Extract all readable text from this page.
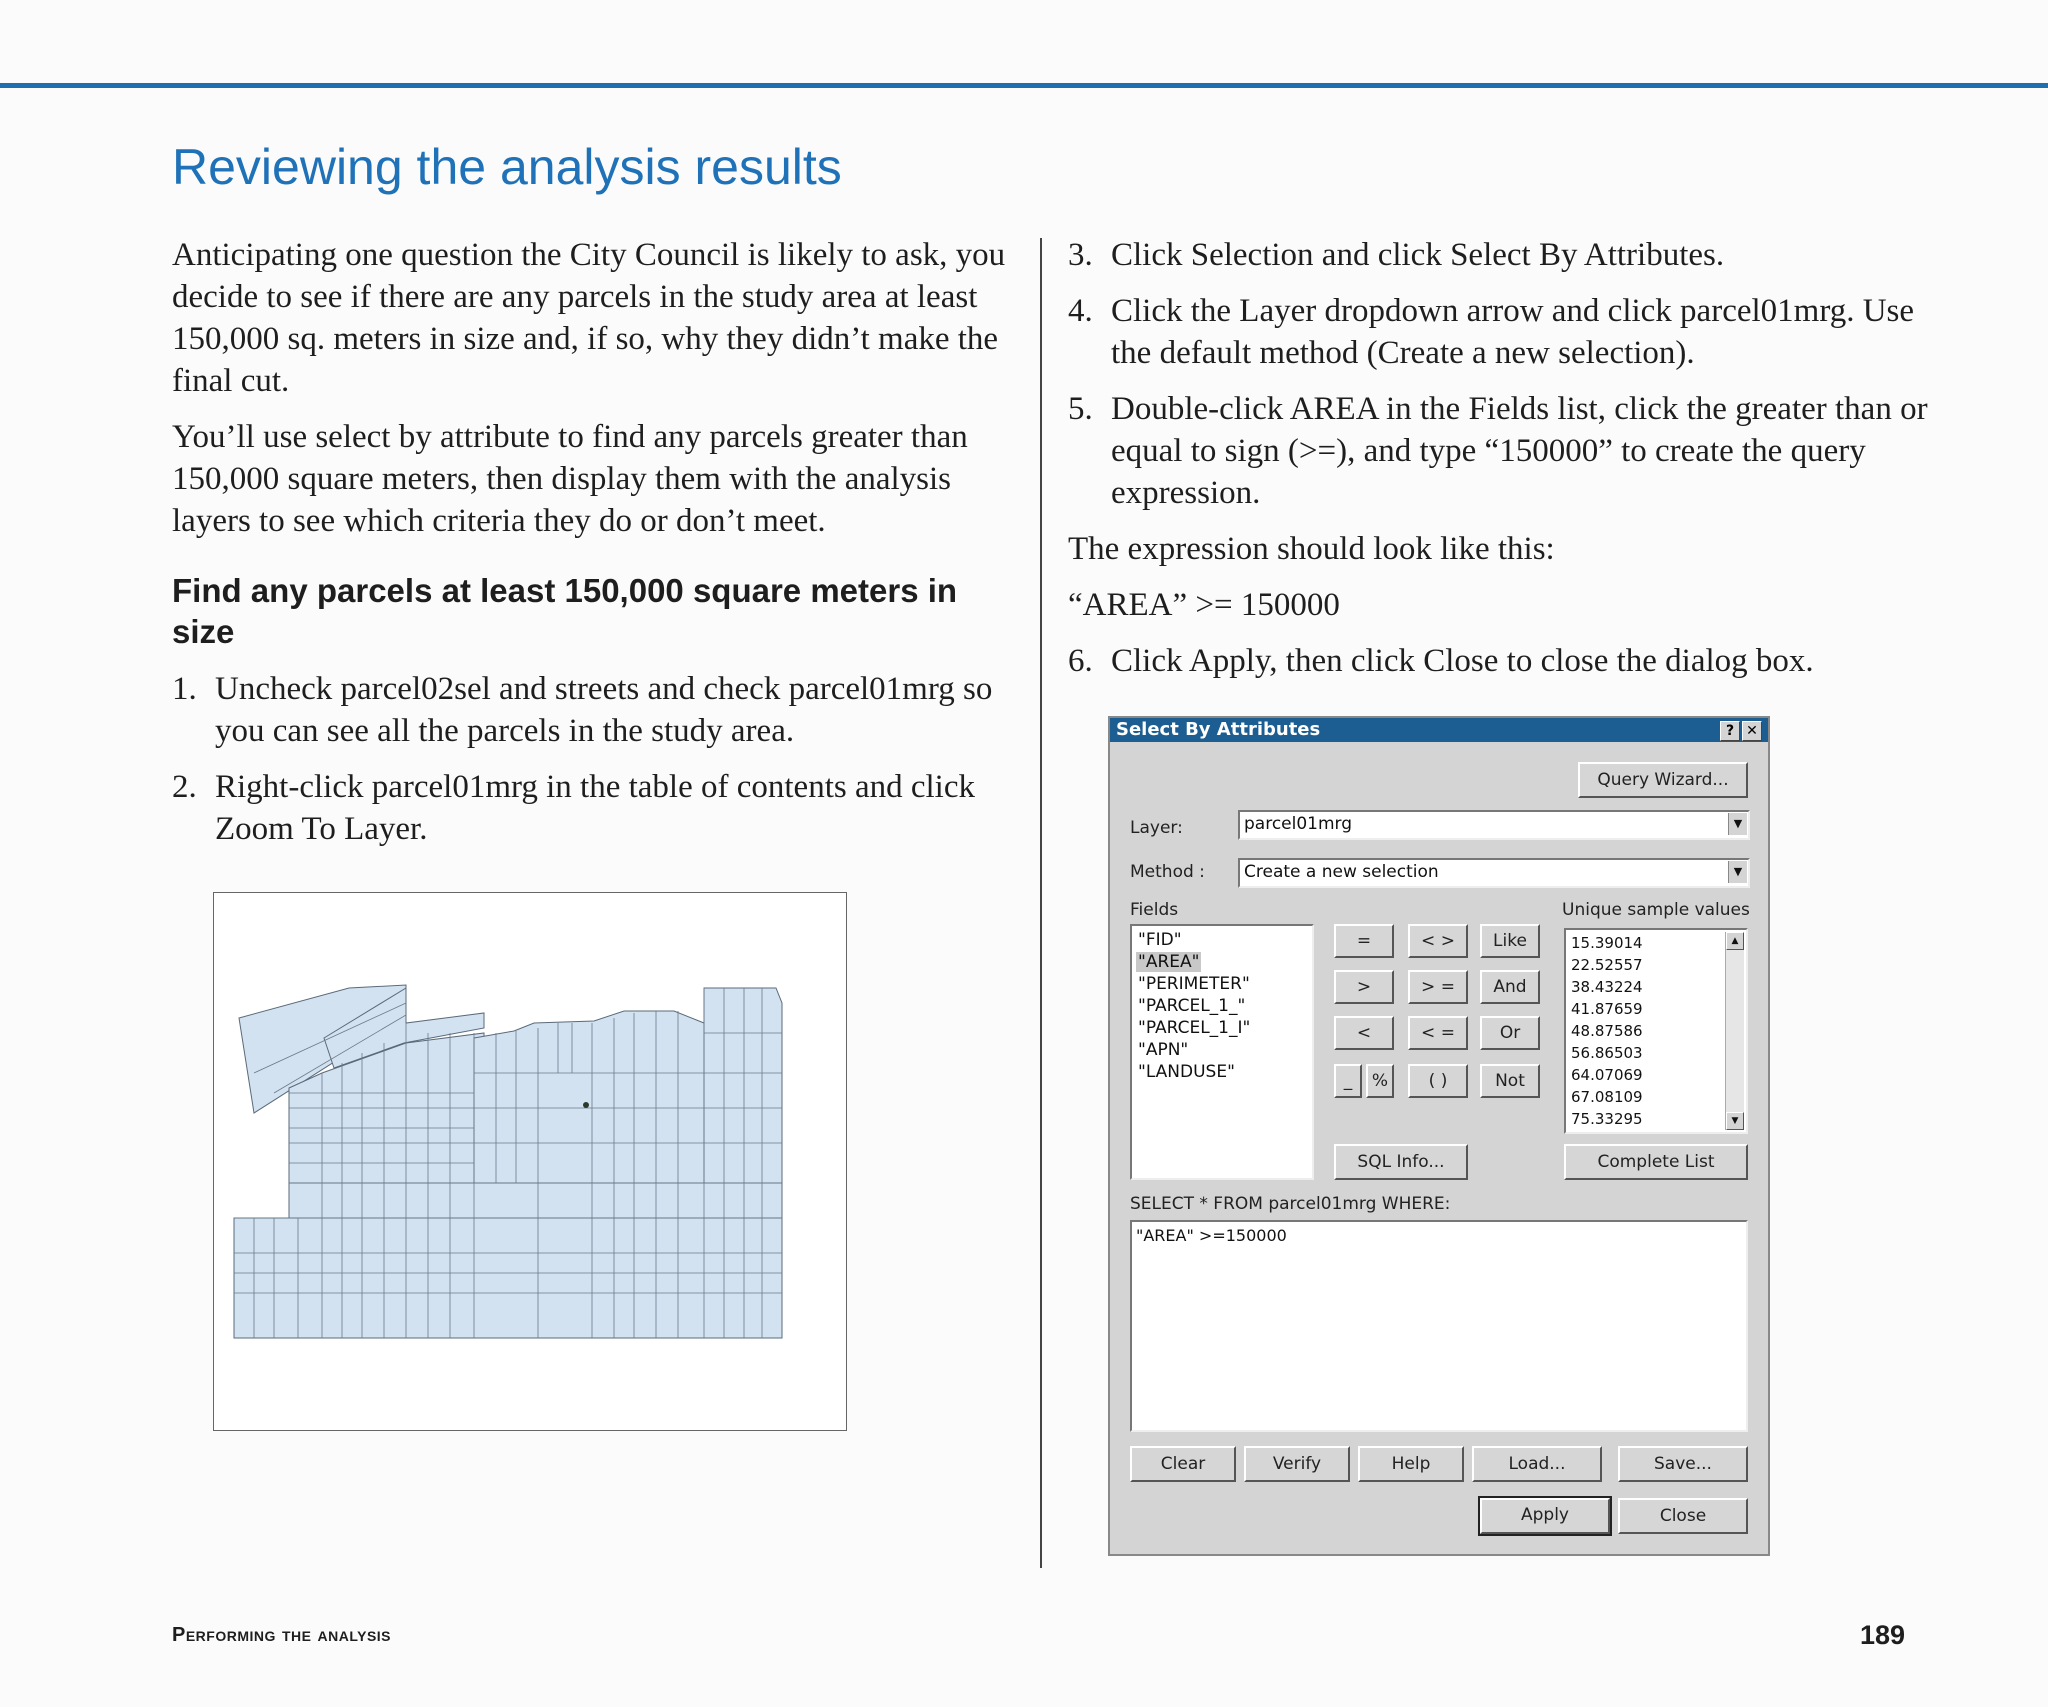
Reviewing the analysis results

Anticipating one question the City Council is likely to ask, you decide to see if there are any parcels in the study area at least 150,000 sq. meters in size and, if so, why they didn’t make the final cut.

You’ll use select by attribute to find any parcels greater than 150,000 square meters, then display them with the analysis layers to see which criteria they do or don’t meet.

Find any parcels at least 150,000 square meters in size
1. Uncheck parcel02sel and streets and check parcel01mrg so you can see all the parcels in the study area.
2. Right-click parcel01mrg in the table of contents and click Zoom To Layer.
3. Click Selection and click Select By Attributes.
4. Click the Layer dropdown arrow and click parcel01mrg. Use the default method (Create a new selection).
5. Double-click AREA in the Fields list, click the greater than or equal to sign (>=), and type “150000” to create the query expression.

The expression should look like this:

“AREA” >= 150000

6. Click Apply, then click Close to close the dialog box.
Select By Attributes	? ✕
Query Wizard...
Layer:	parcel01mrg	▼
Method :	Create a new selection	▼
Fields
"FID"
"AREA"
"PERIMETER"
"PARCEL_1_"
"PARCEL_1_I"
"APN"
"LANDUSE"
=	< >	Like
>	> =	And
<	< =	Or
_	%	( )	Not
SQL Info...
Unique sample values
15.39014
22.52557
38.43224
41.87659
48.87586
56.86503
64.07069
67.08109
75.33295
▲
▼
Complete List
SELECT * FROM parcel01mrg WHERE:
"AREA" >=150000
Clear	Verify	Help	Load...	Save...
Apply	Close
Performing the analysis	189
